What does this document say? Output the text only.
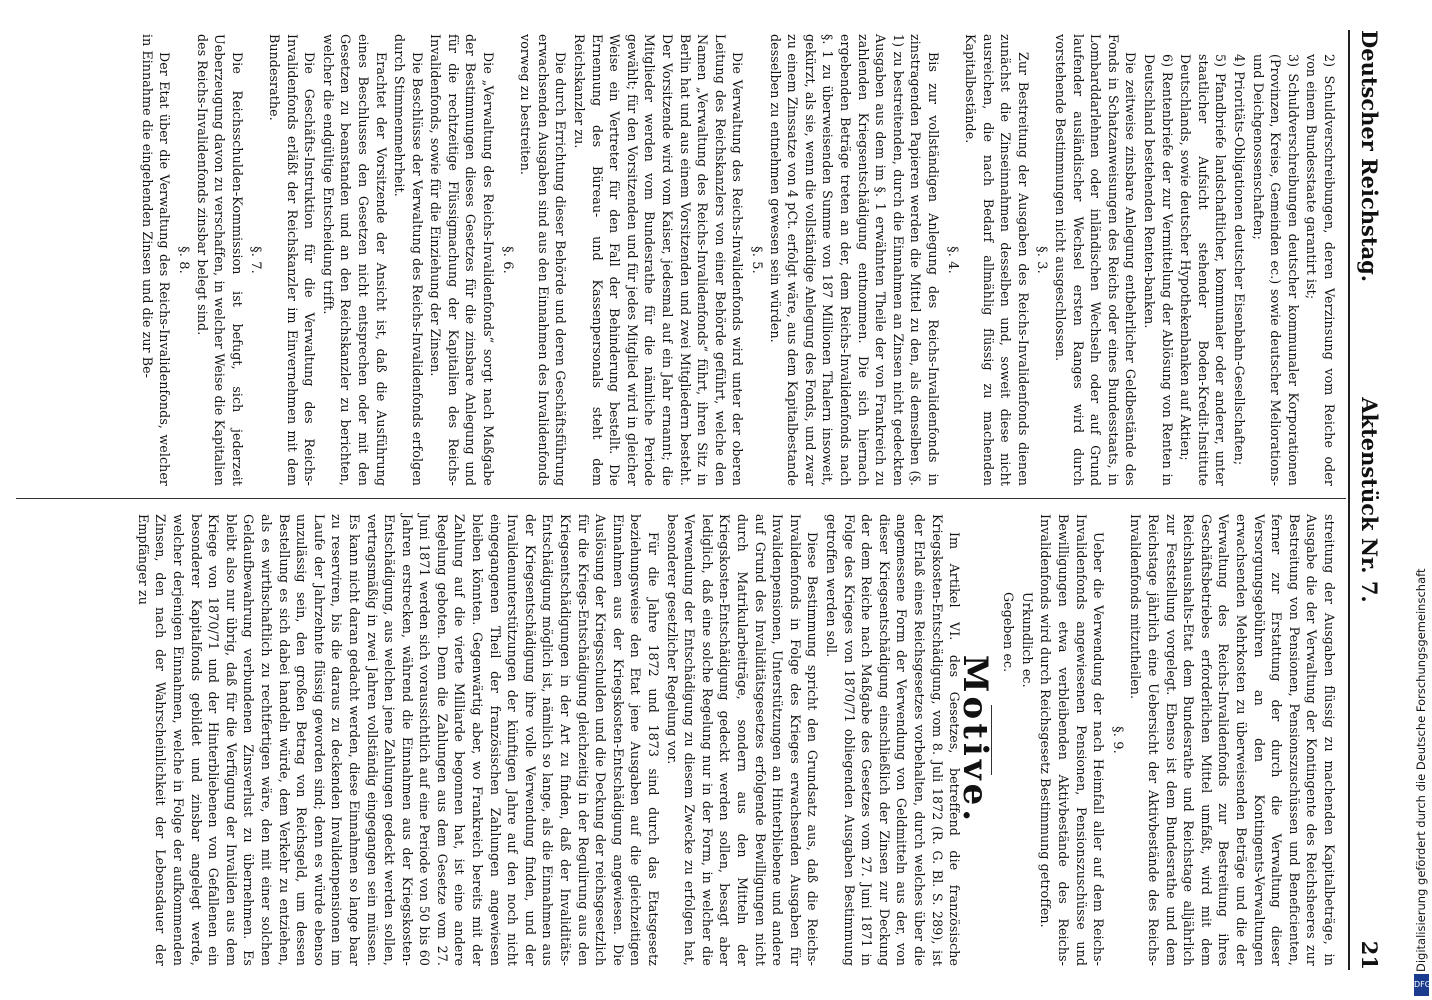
Deutscher Reichstag.
Aktenstück Nr. 7.
21

2) Schuldverschreibungen, deren Verzinsung vom Reiche oder von einem Bundesstaate garantirt ist;

3) Schuldverschreibungen deutscher kommunaler Korporationen (Provinzen, Kreise, Gemeinden ec.) sowie deutscher Meliorations- und Deichgenossenschaften;

4) Prioritäts-Obligationen deutscher Eisenbahn-Gesellschaften;

5) Pfandbriefe landschaftlicher, kommunaler oder anderer, unter staatlicher Aufsicht stehender Boden-Kredit-Institute Deutschlands, sowie deutscher Hypothekenbanken auf Aktien;

6) Rentenbriefe der zur Vermittelung der Ablösung von Renten in Deutschland bestehenden Renten-banken.

Die zeitweise zinsbare Anlegung entbehrlicher Geldbestände des Fonds in Schatzanweisungen des Reichs oder eines Bundesstaats, in Lombarddarlehnen oder inländischen Wechseln oder auf Grund laufender ausländischer Wechsel ersten Ranges wird durch vorstehende Bestimmungen nicht ausgeschlossen.

§. 3.

Zur Bestreitung der Ausgaben des Reichs-Invalidenfonds dienen zunächst die Zinseinnahmen desselben und, soweit diese nicht ausreichen, die nach Bedarf allmählig flüssig zu machenden Kapitalbestände.

§. 4.

Bis zur vollständigen Anlegung des Reichs-Invalidenfonds in zinstragenden Papieren werden die Mittel zu den, als demselben (§. 1) zu bestreitenden, durch die Einnahmen an Zinsen nicht gedeckten Ausgaben aus dem im §. 1 erwähnten Theile der von Frankreich zu zahlenden Kriegsentschädigung entnommen. Die sich hiernach ergebenden Beträge treten an der, dem Reichs-Invalidenfonds nach §. 1 zu überweisenden Summe von 187 Millionen Thalern insoweit, gekürzt, als sie, wenn die vollständige Anlegung des Fonds, und zwar zu einem Zinssatze von 4 pCt. erfolgt wäre, aus dem Kapitalbestande desselben zu entnehmen gewesen sein würden.

§. 5.

Die Verwaltung des Reichs-Invalidenfonds wird unter der oberen Leitung des Reichskanzlers von einer Behörde geführt, welche den Namen „Verwaltung des Reichs-Invalidenfonds“ führt, ihren Sitz in Berlin hat und aus einem Vorsitzenden und zwei Mitgliedern besteht. Der Vorsitzende wird vom Kaiser, jedesmal auf ein Jahr ernannt; die Mitglieder werden vom Bundesrathe für die nämliche Periode gewählt; für den Vorsitzenden und für jedes Mitglied wird in gleicher Weise ein Vertreter für den Fall der Behinderung bestellt. Die Ernennung des Büreau- und Kassenpersonals steht dem Reichskanzler zu.

Die durch Errichtung dieser Behörde und deren Geschäftsführung erwachsenden Ausgaben sind aus den Einnahmen des Invalidenfonds vorweg zu bestreiten.

§. 6.

Die „Verwaltung des Reichs-Invalidenfonds“ sorgt nach Maßgabe der Bestimmungen dieses Gesetzes für die zinsbare Anlegung und für die rechtzeitige Flüssigmachung der Kapitalien des Reichs-Invalidenfonds, sowie für die Einziehung der Zinsen.

Die Beschlüsse der Verwaltung des Reichs-Invalidenfonds erfolgen durch Stimmenmehrheit.

Erachtet der Vorsitzende der Ansicht ist, daß die Ausführung eines Beschlusses den Gesetzen nicht entsprechen oder mit den Gesetzen zu beanstanden und an den Reichskanzler zu berichten, welcher die endgültige Entscheidung trifft.

Die Geschäfts-Instruktion für die Verwaltung des Reichs-Invalidenfonds erläßt der Reichskanzler im Einvernehmen mit dem Bundesrathe.

§. 7.

Die Reichsschulden-Kommission ist befugt, sich jederzeit Ueberzeugung davon zu verschaffen, in welcher Weise die Kapitalien des Reichs-Invalidenfonds zinsbar belegt sind.

§. 8.

Der Etat über die Verwaltung des Reichs-Invalidenfonds, welcher in Einnahme die eingehenden Zinsen und die zur Be-

streitung der Ausgaben flüssig zu machenden Kapitalbeträge, in Ausgabe die der Verwaltung der Kontingente des Reichsheeres zur Bestreitung von Pensionen, Pensionszuschüssen und Beneficienten, ferner zur Erstattung der durch die Verwaltung dieser Versorgungsgebühren an den Kontingents-Verwaltungen erwachsenden Mehrkosten zu überweisenden Beträge und die der Verwaltung des Reichs-Invalidenfonds zur Bestreitung ihres Geschäftsbetriebes erforderlichen Mittel umfaßt, wird mit dem Reichshaushalts-Etat dem Bundesrathe und Reichstage alljährlich zur Feststellung vorgelegt. Ebenso ist dem Bundesrathe und dem Reichstage jährlich eine Uebersicht der Aktivbestände des Reichs-Invalidenfonds mitzutheilen.

§. 9.

Ueber die Verwendung der nach Heimfall aller auf dem Reichs-Invalidenfonds angewiesenen Pensionen, Pensionszuschüsse und Bewilligungen etwa verbleibenden Aktivbestände des Reichs-Invalidenfonds wird durch Reichsgesetz Bestimmung getroffen.

Urkundlich ec.

Gegeben ec.

Motive.

Im Artikel VI. des Gesetzes, betreffend die französische Kriegskosten-Entschädigung, vom 8. Juli 1872 (R. G. Bl. S. 289), ist der Erlaß eines Reichsgesetzes vorbehalten, durch welches über die angemessene Form der Verwendung von Geldmitteln aus der, von dieser Kriegsentschädigung einschließlich der Zinsen zur Deckung der dem Reiche nach Maßgabe des Gesetzes vom 27. Juni 1871 in Folge des Krieges von 1870/71 obliegenden Ausgaben Bestimmung getroffen werden soll.

Diese Bestimmung spricht den Grundsatz aus, daß die Reichs-Invalidenfonds in Folge des Krieges erwachsenden Ausgaben für Invalidenpensionen, Unterstützungen an Hinterbliebene und andere auf Grund des Invaliditätsgesetzes erfolgende Bewilligungen nicht durch Matrikularbeiträge, sondern aus den Mitteln der Kriegskosten-Entschädigung gedeckt werden sollen, besagt aber lediglich, daß eine solche Regelung nur in der Form, in welcher die Verwendung der Entschädigung zu diesem Zwecke zu erfolgen hat, besonderer gesetzlicher Regelung vor.

Für die Jahre 1872 und 1873 sind durch das Etatsgesetz beziehungsweise den Etat jene Ausgaben auf die gleichzeitigen Einnahmen aus der Kriegskosten-Entschädigung angewiesen. Die Auslösung der Kriegsschulden und die Deckung der reichsgesetzlich für die Kriegs-Entschädigung gleichzeitig in der Regulirung aus den Kriegsentschädigungen in der Art zu finden, daß der Invaliditäts-Entschädigung möglich ist, nämlich so lange, als die Einnahmen aus der Kriegsentschädigung ihre volle Verwendung finden, und der Invalidenunterstützungen der künftigen Jahre auf den noch nicht eingegangenen Theil der französischen Zahlungen angewiesen bleiben könnten. Gegenwärtig aber, wo Frankreich bereits mit der Zahlung auf die vierte Milliarde begonnen hat, ist eine andere Regelung geboten. Denn die Zahlungen aus dem Gesetze vom 27. Juni 1871 werden sich voraussichtlich auf eine Periode von 50 bis 60 Jahren erstrecken, während die Einnahmen aus der Kriegskosten-Entschädigung, aus welchen jene Zahlungen gedeckt werden sollen, vertragsmäßig in zwei Jahren vollständig eingegangen sein müssen. Es kann nicht daran gedacht werden, diese Einnahmen so lange baar zu reserviren, bis die daraus zu deckenden Invalidenpensionen im Laufe der Jahrzehnte flüssig geworden sind; denn es würde ebenso unzulässig sein, den großen Betrag von Reichsgeld, um dessen Bestellung es sich dabei handeln würde, dem Verkehr zu entziehen, als es wirthschaftlich zu rechtfertigen wäre, den mit einer solchen Geldaufbewahrung verbundenen Zinsverlust zu übernehmen. Es bleibt also nur übrig, daß für die Verfügung der Invaliden aus dem Kriege von 1870/71 und der Hinterbliebenen von Gefallenen ein besonderer Kapitalfonds gebildet und zinsbar angelegt werde, welcher derjenigen Einnahmen, welche in Folge der aufkommenden Zinsen, den nach der Wahrscheinlichkeit der Lebensdauer der Empfänger zu

Digitalisierung gefördert durch die Deutsche Forschungsgemeinschaft
DFG
